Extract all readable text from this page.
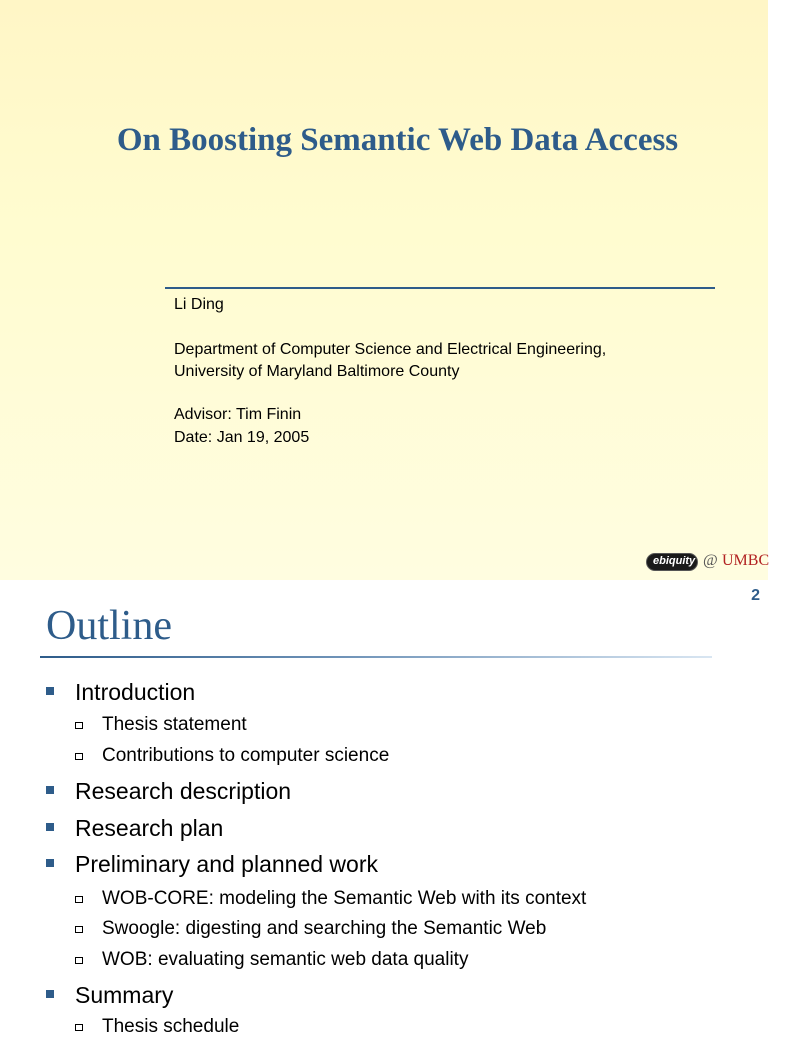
On Boosting Semantic Web Data Access
Li Ding
Department of Computer Science and Electrical Engineering,
University of Maryland Baltimore County
Advisor: Tim Finin
Date: Jan 19, 2005
ebiquity @ UMBC
2
Outline
Introduction
Thesis statement
Contributions to computer science
Research description
Research plan
Preliminary and planned work
WOB-CORE: modeling the Semantic Web with its context
Swoogle: digesting and searching the Semantic Web
WOB: evaluating semantic web data quality
Summary
Thesis schedule
